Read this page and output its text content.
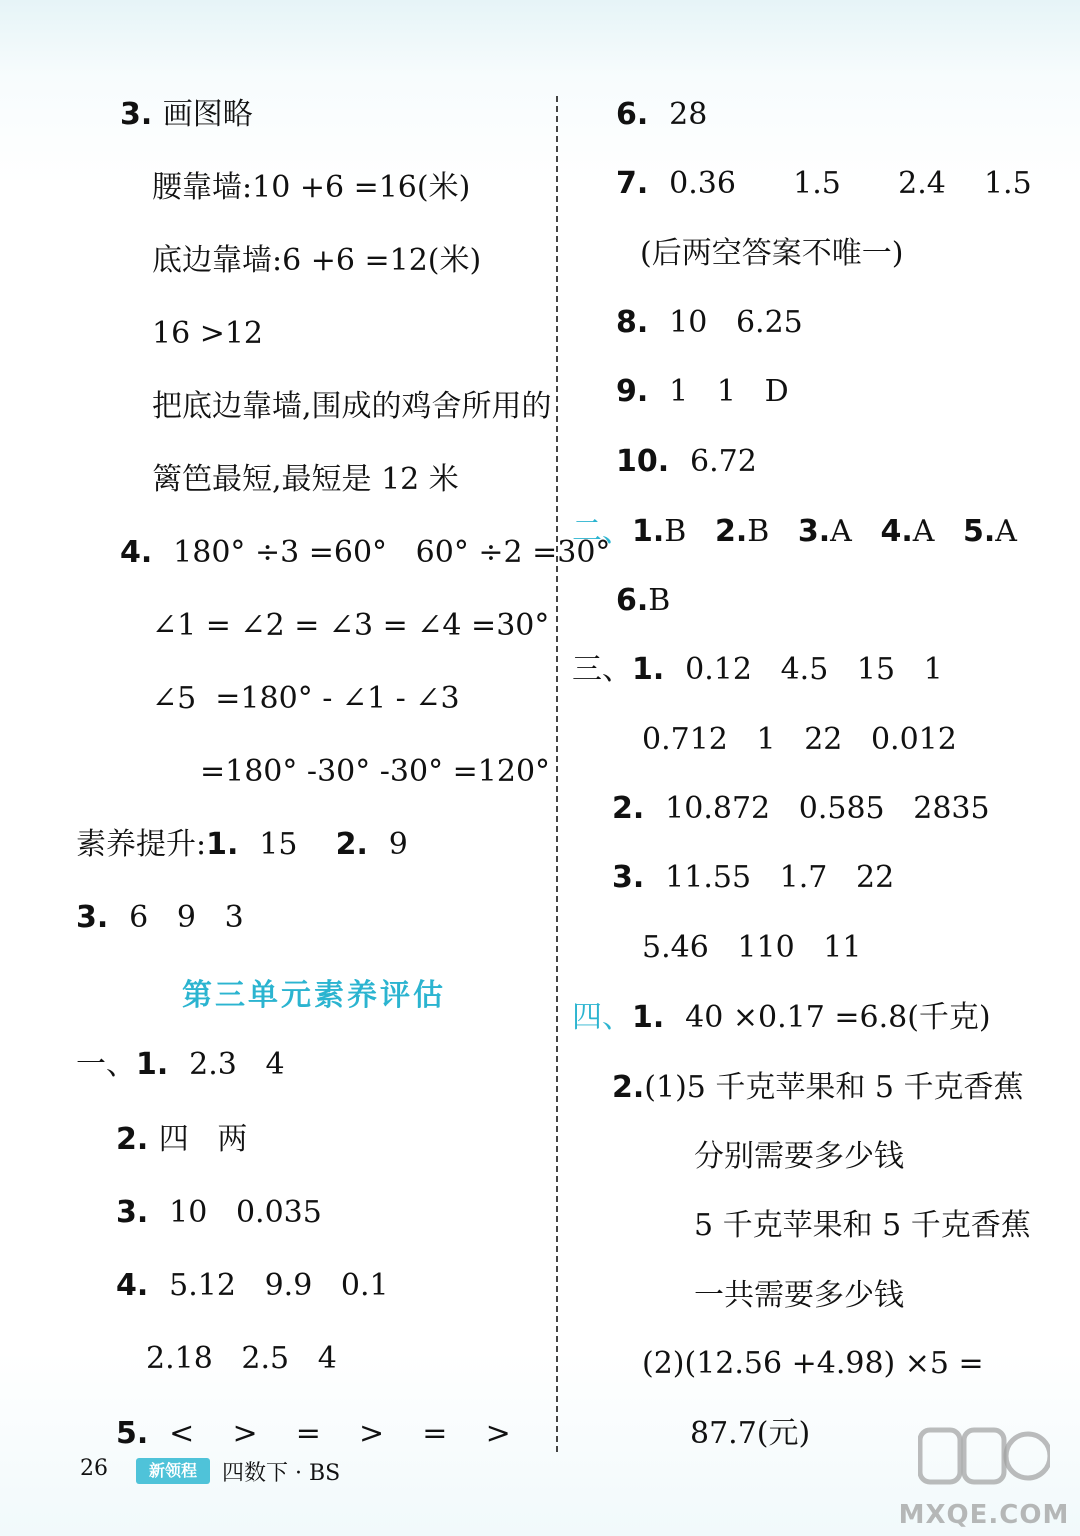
3. 画图略
腰靠墙:10 +6 =16(米)
底边靠墙:6 +6 =12(米)
16 >12
把底边靠墙,围成的鸡舍所用的
篱笆最短,最短是 12 米
4.  180° ÷3 =60°   60° ÷2 =30°
∠1 = ∠2 = ∠3 = ∠4 =30°
∠5  =180° - ∠1 - ∠3
=180° -30° -30° =120°
素养提升:1.  15 2.  9
3.  6   9   3
第三单元素养评估
一、1.  2.3   4
2. 四   两
3.  10   0.035
4.  5.12   9.9   0.1
2.18   2.5   4
5.  <    >    =    >    =    >
6.  28
7.  0.36      1.5      2.4    1.5
(后两空答案不唯一)
8.  10   6.25
9.  1   1   D
10.  6.72
二、1.B 2.B 3.A 4.A 5.A
6.B
三、1.  0.12   4.5   15   1
0.712   1   22   0.012
2.  10.872   0.585   2835
3.  11.55   1.7   22
5.46   110   11
四、1.  40 ×0.17 =6.8(千克)
2.(1)5 千克苹果和 5 千克香蕉
分别需要多少钱
5 千克苹果和 5 千克香蕉
一共需要多少钱
(2)(12.56 +4.98) ×5 =
87.7(元)
26	新领程	四数下 · BS
MXQE.COM
